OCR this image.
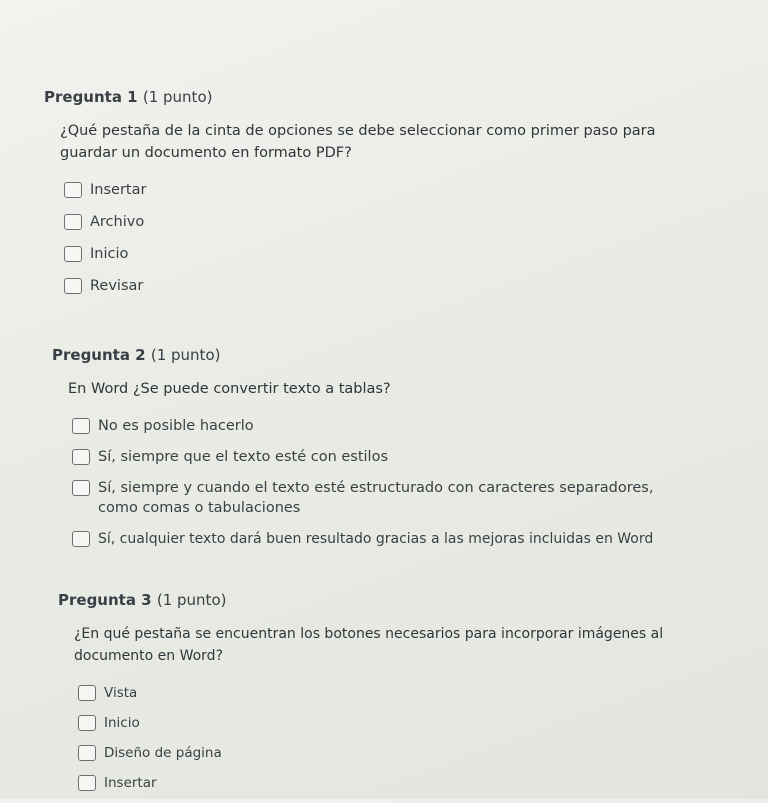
Pregunta 1 (1 punto)
¿Qué pestaña de la cinta de opciones se debe seleccionar como primer paso para guardar un documento en formato PDF?
Insertar
Archivo
Inicio
Revisar
Pregunta 2 (1 punto)
En Word ¿Se puede convertir texto a tablas?
No es posible hacerlo
Sí, siempre que el texto esté con estilos
Sí, siempre y cuando el texto esté estructurado con caracteres separadores, como comas o tabulaciones
Sí, cualquier texto dará buen resultado gracias a las mejoras incluidas en Word
Pregunta 3 (1 punto)
¿En qué pestaña se encuentran los botones necesarios para incorporar imágenes al documento en Word?
Vista
Inicio
Diseño de página
Insertar
